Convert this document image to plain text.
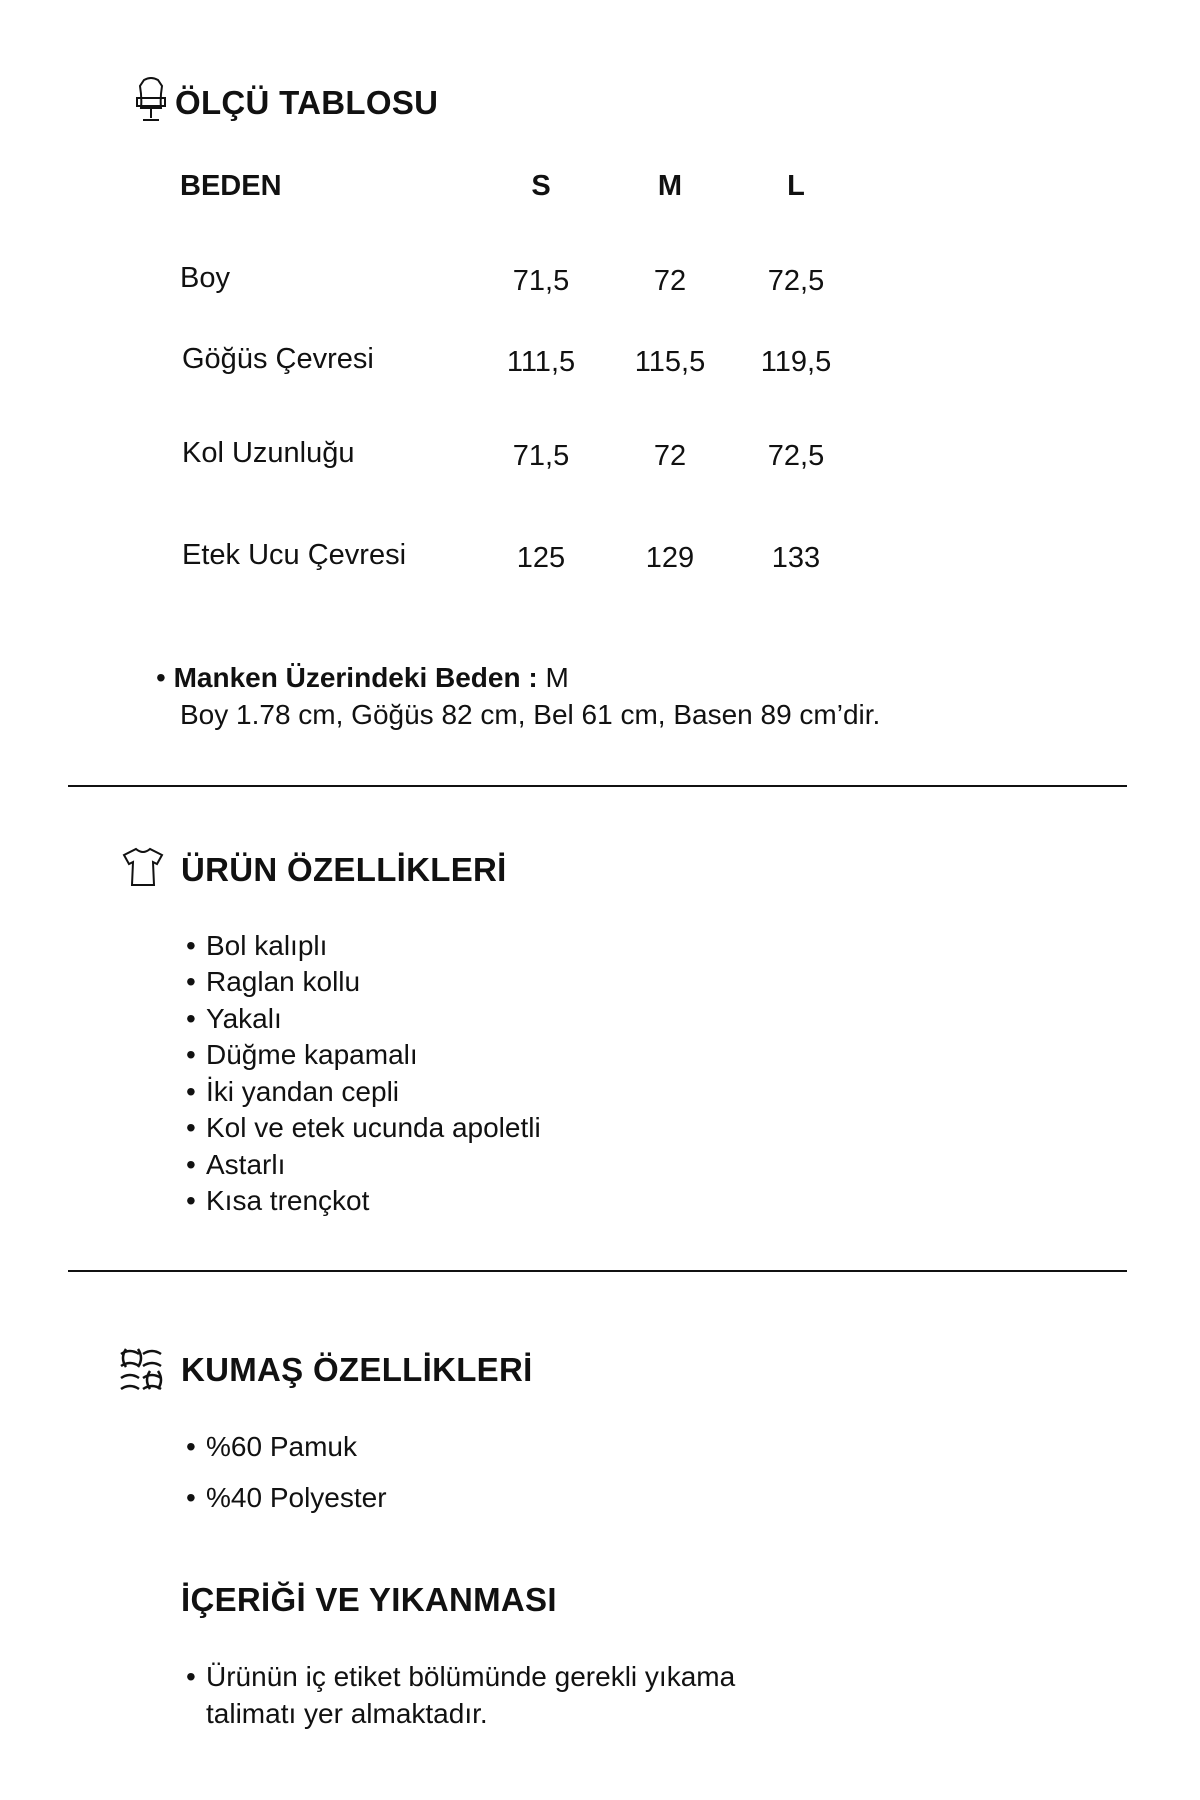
ÖLÇÜ TABLOSU
BEDEN	S	M	L
Boy	71,5	72	72,5
Göğüs Çevresi	111,5	115,5	119,5
Kol Uzunluğu	71,5	72	72,5
Etek Ucu Çevresi	125	129	133
• Manken Üzerindeki Beden : M
Boy 1.78 cm, Göğüs 82 cm, Bel 61 cm, Basen 89 cm’dir.
ÜRÜN ÖZELLİKLERİ
• Bol kalıplı
• Raglan kollu
• Yakalı
• Düğme kapamalı
• İki yandan cepli
• Kol ve etek ucunda apoletli
• Astarlı
• Kısa trençkot
KUMAŞ ÖZELLİKLERİ
• %60 Pamuk
• %40 Polyester
İÇERİĞİ VE YIKANMASI
• Ürünün iç etiket bölümünde gerekli yıkama
talimatı yer almaktadır.
